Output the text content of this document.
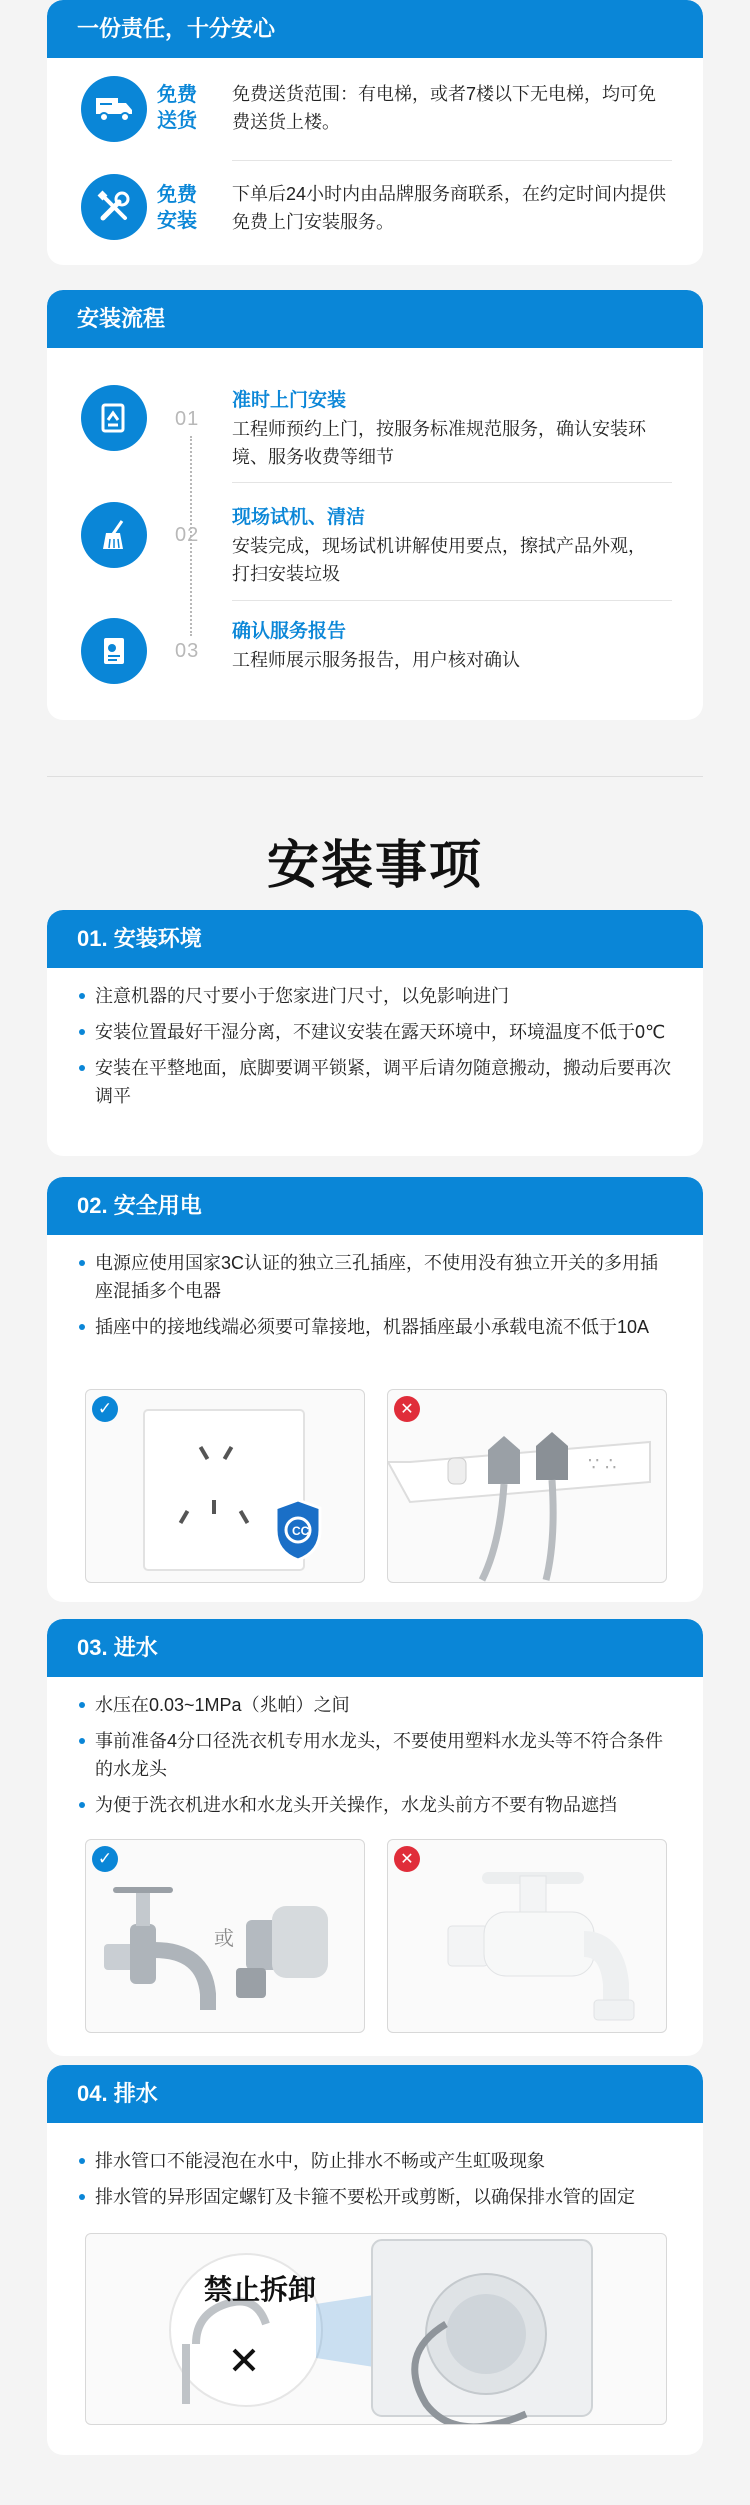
一份责任，十分安心
免费送货
免费送货范围：有电梯，或者7楼以下无电梯，均可免费送货上楼。
免费安装
下单后24小时内由品牌服务商联系，在约定时间内提供免费上门安装服务。
安装流程
01
准时上门安装
工程师预约上门，按服务标准规范服务，确认安装环境、服务收费等细节
02
现场试机、清洁
安装完成，现场试机讲解使用要点，擦拭产品外观，打扫安装垃圾
03
确认服务报告
工程师展示服务报告，用户核对确认
安装事项
01. 安装环境
注意机器的尺寸要小于您家进门尺寸，以免影响进门
安装位置最好干湿分离，不建议安装在露天环境中，环境温度不低于0℃
安装在平整地面，底脚要调平锁紧，调平后请勿随意搬动，搬动后要再次调平
02. 安全用电
电源应使用国家3C认证的独立三孔插座，不使用没有独立开关的多用插座混插多个电器
插座中的接地线端必须要可靠接地，机器插座最小承载电流不低于10A
✓
CC
✕
∵ ∴
03. 进水
水压在0.03~1MPa（兆帕）之间
事前准备4分口径洗衣机专用水龙头，不要使用塑料水龙头等不符合条件的水龙头
为便于洗衣机进水和水龙头开关操作，水龙头前方不要有物品遮挡
✓
或
✕
04. 排水
排水管口不能浸泡在水中，防止排水不畅或产生虹吸现象
排水管的异形固定螺钉及卡箍不要松开或剪断，以确保排水管的固定
禁止拆卸
